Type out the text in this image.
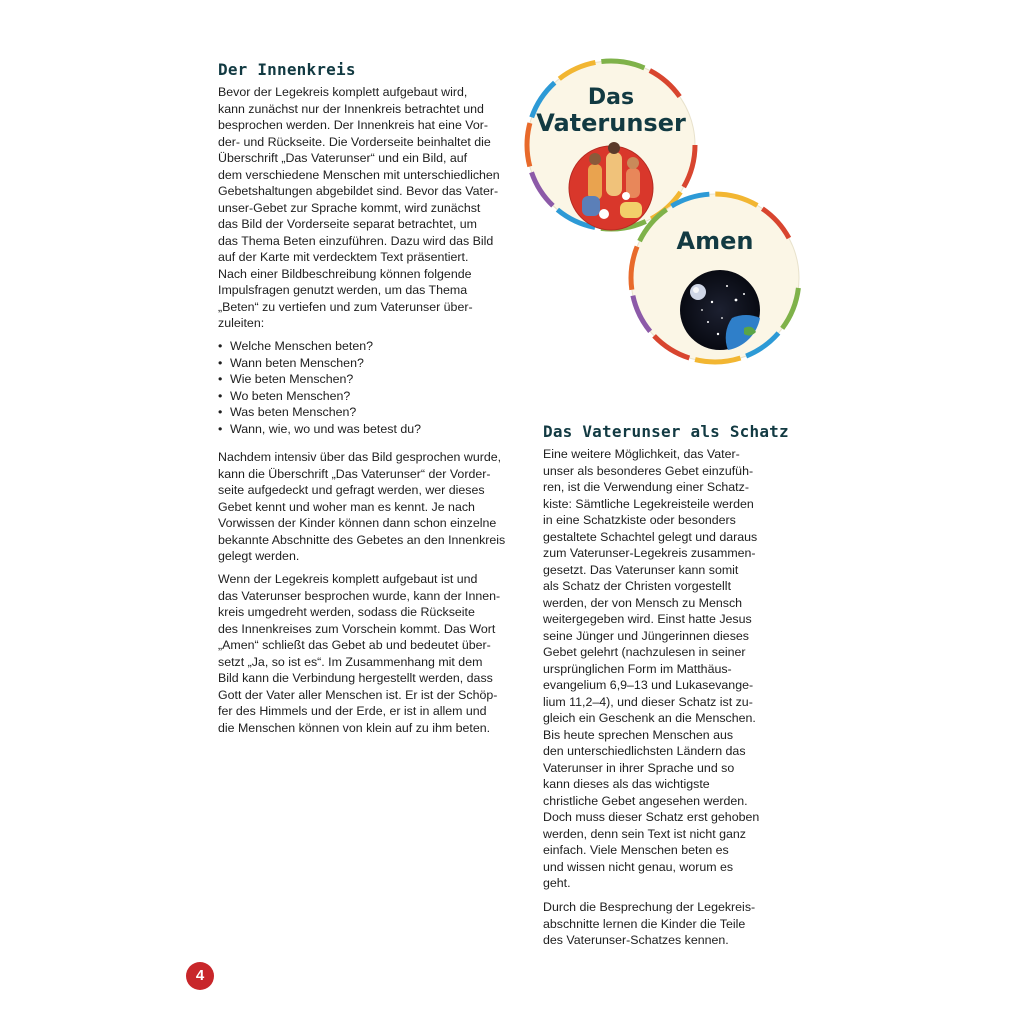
Der Innenkreis

Bevor der Legekreis komplett aufgebaut wird,
kann zunächst nur der Innenkreis betrachtet und
besprochen werden. Der Innenkreis hat eine Vor-
der- und Rückseite. Die Vorderseite beinhaltet die
Überschrift „Das Vaterunser“ und ein Bild, auf
dem verschiedene Menschen mit unterschiedlichen
Gebetshaltungen abgebildet sind. Bevor das Vater-
unser-Gebet zur Sprache kommt, wird zunächst
das Bild der Vorderseite separat betrachtet, um
das Thema Beten einzuführen. Dazu wird das Bild
auf der Karte mit verdecktem Text präsentiert.
Nach einer Bildbeschreibung können folgende
Impulsfragen genutzt werden, um das Thema
„Beten“ zu vertiefen und zum Vaterunser über-
zuleiten:

• Welche Menschen beten?
• Wann beten Menschen?
• Wie beten Menschen?
• Wo beten Menschen?
• Was beten Menschen?
• Wann, wie, wo und was betest du?

Nachdem intensiv über das Bild gesprochen wurde,
kann die Überschrift „Das Vaterunser“ der Vorder-
seite aufgedeckt und gefragt werden, wer dieses
Gebet kennt und woher man es kennt. Je nach
Vorwissen der Kinder können dann schon einzelne
bekannte Abschnitte des Gebetes an den Innenkreis
gelegt werden.

Wenn der Legekreis komplett aufgebaut ist und
das Vaterunser besprochen wurde, kann der Innen-
kreis umgedreht werden, sodass die Rückseite
des Innenkreises zum Vorschein kommt. Das Wort
„Amen“ schließt das Gebet ab und bedeutet über-
setzt „Ja, so ist es“. Im Zusammenhang mit dem
Bild kann die Verbindung hergestellt werden, dass
Gott der Vater aller Menschen ist. Er ist der Schöp-
fer des Himmels und der Erde, er ist in allem und
die Menschen können von klein auf zu ihm beten.

Das
Vaterunser
Amen
Das Vaterunser als Schatz

Eine weitere Möglichkeit, das Vater-
unser als besonderes Gebet einzufüh-
ren, ist die Verwendung einer Schatz-
kiste: Sämtliche Legekreisteile werden
in eine Schatzkiste oder besonders
gestaltete Schachtel gelegt und daraus
zum Vaterunser-Legekreis zusammen-
gesetzt. Das Vaterunser kann somit
als Schatz der Christen vorgestellt
werden, der von Mensch zu Mensch
weitergegeben wird. Einst hatte Jesus
seine Jünger und Jüngerinnen dieses
Gebet gelehrt (nachzulesen in seiner
ursprünglichen Form im Matthäus-
evangelium 6,9–13 und Lukasevange-
lium 11,2–4), und dieser Schatz ist zu-
gleich ein Geschenk an die Menschen.
Bis heute sprechen Menschen aus
den unterschiedlichsten Ländern das
Vaterunser in ihrer Sprache und so
kann dieses als das wichtigste
christliche Gebet angesehen werden.
Doch muss dieser Schatz erst gehoben
werden, denn sein Text ist nicht ganz
einfach. Viele Menschen beten es
und wissen nicht genau, worum es
geht.

Durch die Besprechung der Legekreis-
abschnitte lernen die Kinder die Teile
des Vaterunser-Schatzes kennen.

4
